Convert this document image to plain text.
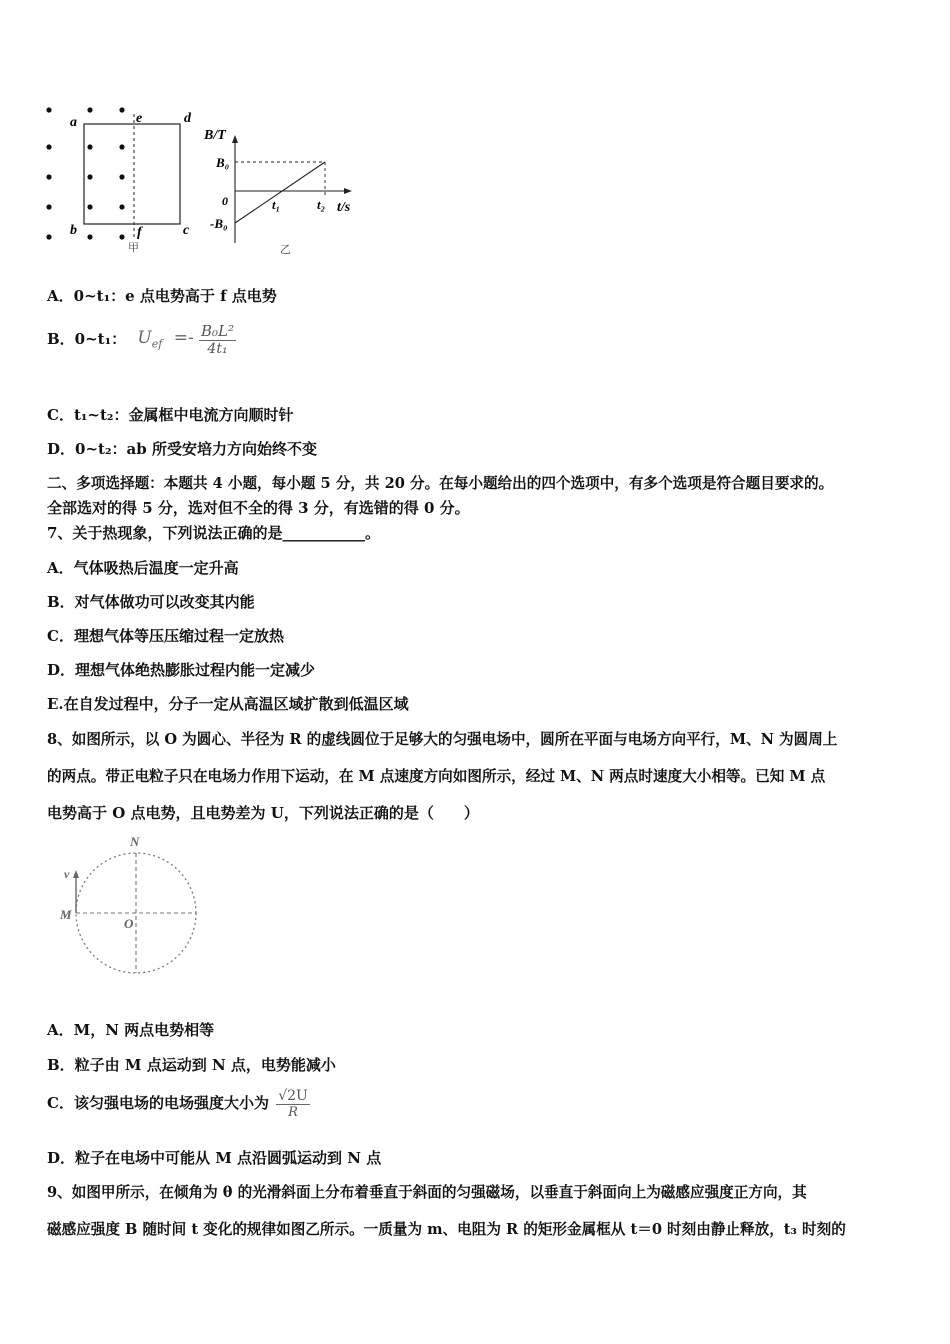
a	e	d
b	f	c
甲
B/T
B₀
0	t₁	t₂ t/s
-B₀
乙
A．0~t₁：e 点电势高于 f 点电势
B．0~t₁： $U_{ef} =- \frac{\text{B₀L²}}{\text{4t₁}}$
C．t₁~t₂：金属框中电流方向顺时针
D．0~t₂：ab 所受安培力方向始终不变
二、多项选择题：本题共 4 小题，每小题 5 分，共 20 分。在每小题给出的四个选项中，有多个选项是符合题目要求的。
全部选对的得 5 分，选对但不全的得 3 分，有选错的得 0 分。
7、关于热现象，下列说法正确的是___________。
A．气体吸热后温度一定升高
B．对气体做功可以改变其内能
C．理想气体等压压缩过程一定放热
D．理想气体绝热膨胀过程内能一定减少
E.在自发过程中，分子一定从高温区域扩散到低温区域
8、如图所示，以 O 为圆心、半径为 R 的虚线圆位于足够大的匀强电场中，圆所在平面与电场方向平行，M、N 为圆周上
的两点。带正电粒子只在电场力作用下运动，在 M 点速度方向如图所示，经过 M、N 两点时速度大小相等。已知 M 点
电势高于 O 点电势，且电势差为 U，下列说法正确的是（　　）
N
v
M
O
A．M，N 两点电势相等
B．粒子由 M 点运动到 N 点，电势能减小
C．该匀强电场的电场强度大小为 $\frac{√2U}{R}$
D．粒子在电场中可能从 M 点沿圆弧运动到 N 点
9、如图甲所示，在倾角为 θ 的光滑斜面上分布着垂直于斜面的匀强磁场，以垂直于斜面向上为磁感应强度正方向，其
磁感应强度 B 随时间 t 变化的规律如图乙所示。一质量为 m、电阻为 R 的矩形金属框从 t＝0 时刻由静止释放，t₃ 时刻的
